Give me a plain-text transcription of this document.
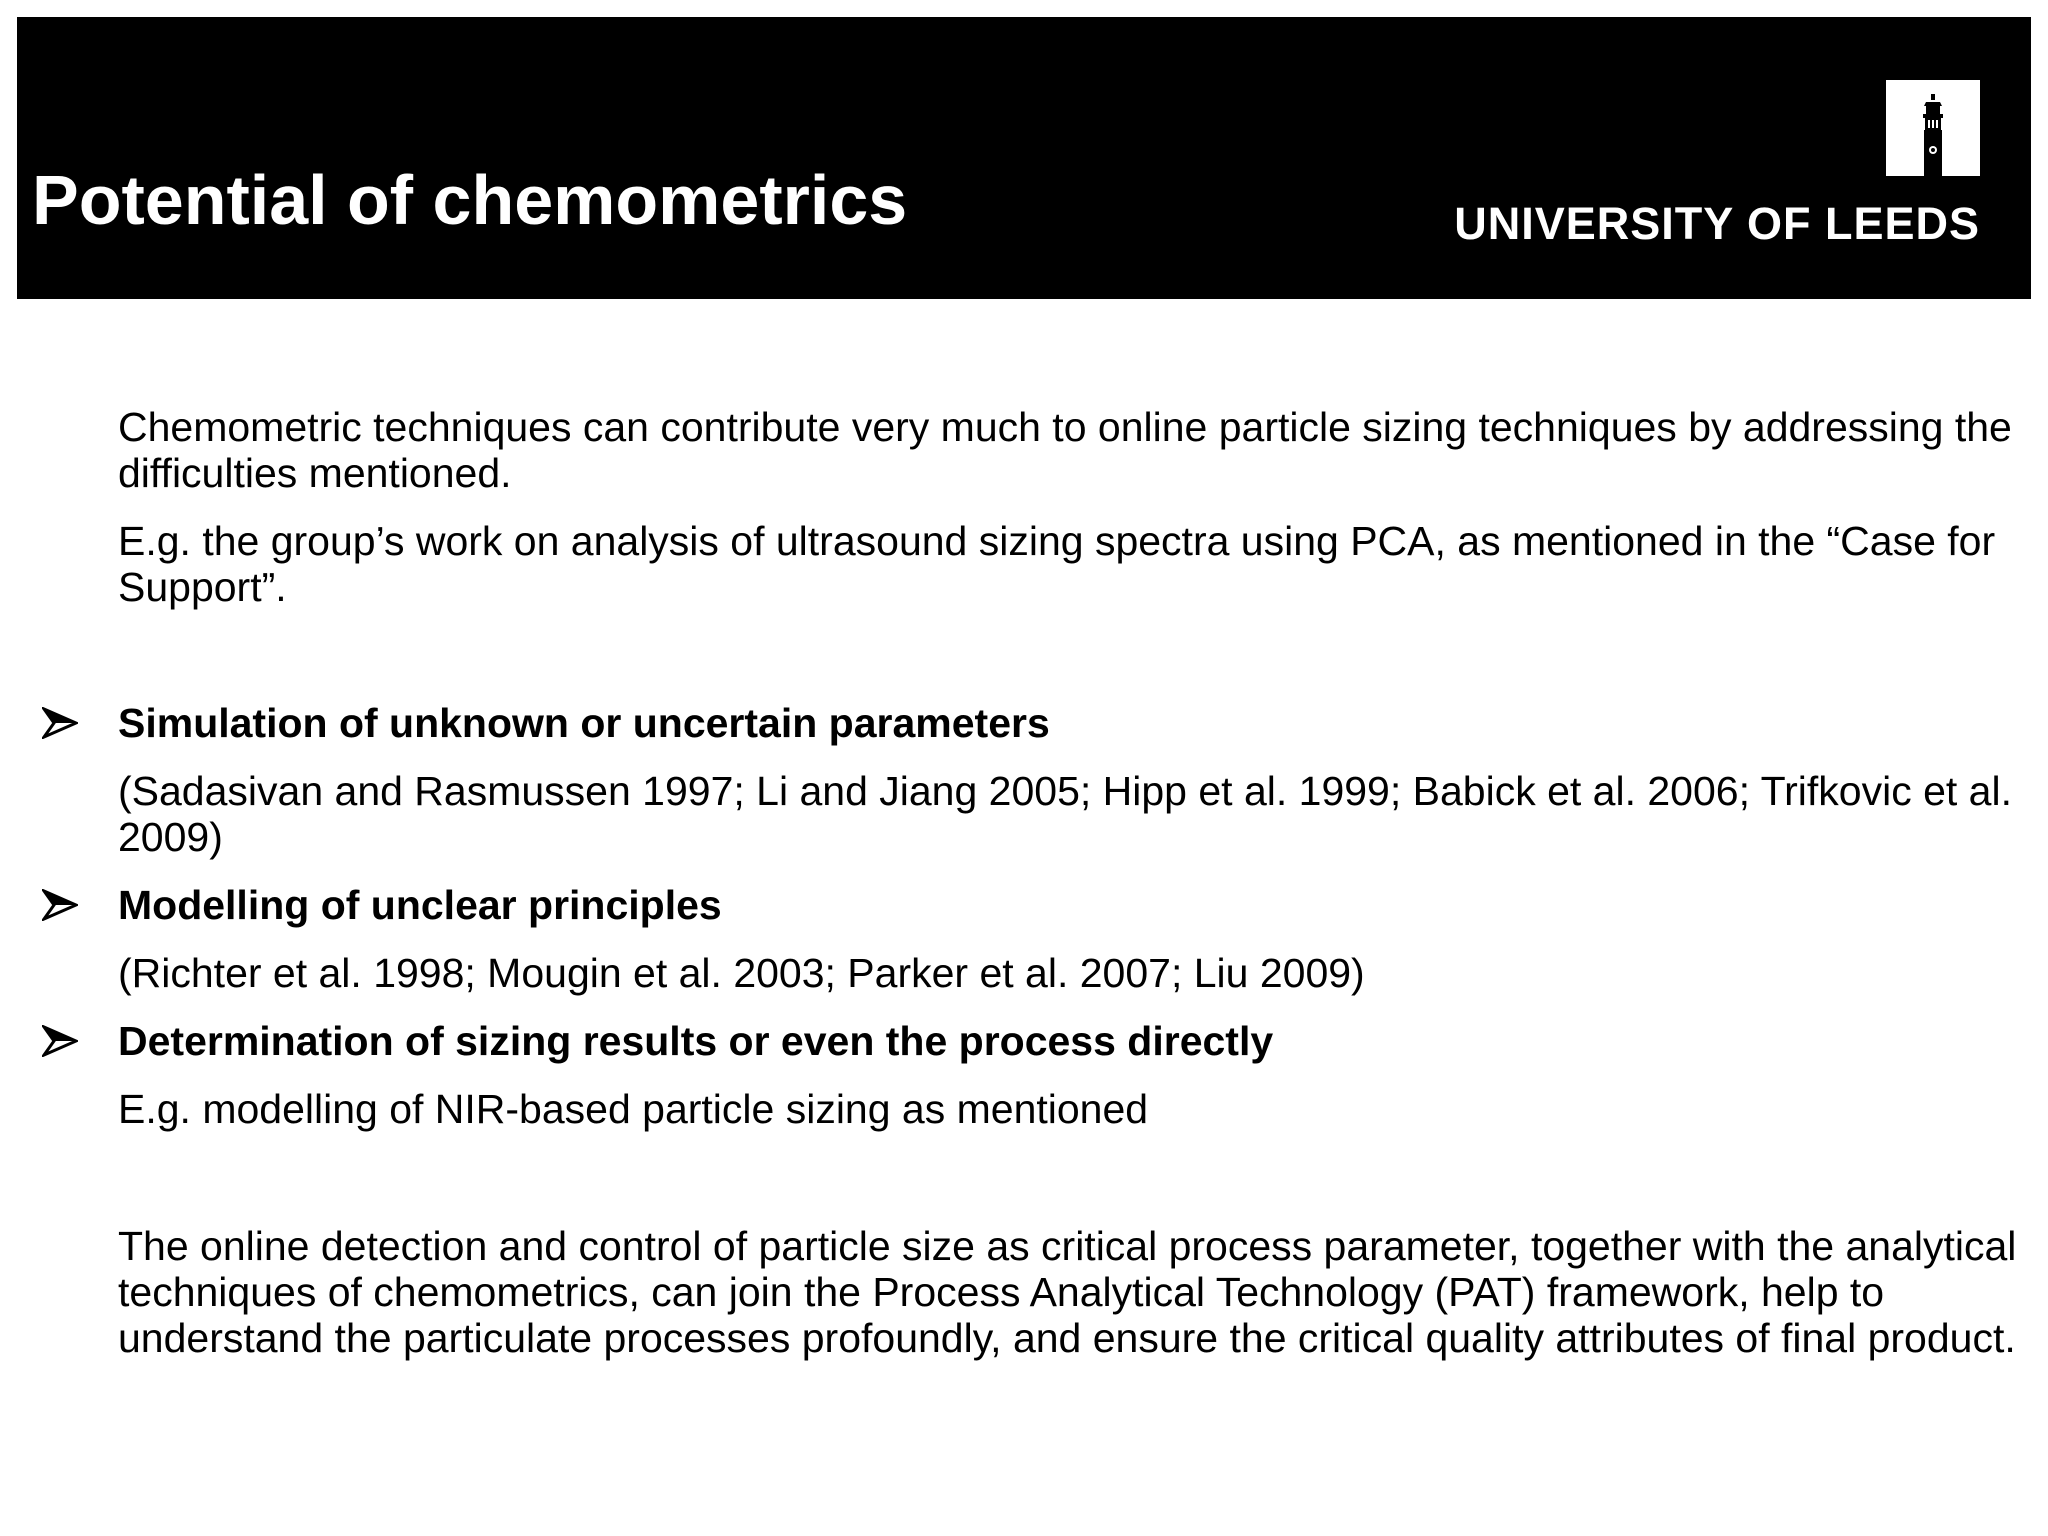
Potential of chemometrics	UNIVERSITY OF LEEDS

Chemometric techniques can contribute very much to online particle sizing techniques by addressing the difficulties mentioned.

E.g. the group’s work on analysis of ultrasound sizing spectra using PCA, as mentioned in the “Case for Support”.

Simulation of unknown or uncertain parameters

(Sadasivan and Rasmussen 1997; Li and Jiang 2005; Hipp et al. 1999; Babick et al. 2006; Trifkovic et al. 2009)

Modelling of unclear principles

(Richter et al. 1998; Mougin et al. 2003; Parker et al. 2007; Liu 2009)

Determination of sizing results or even the process directly

E.g. modelling of NIR-based particle sizing as mentioned

The online detection and control of particle size as critical process parameter, together with the analytical techniques of chemometrics, can join the Process Analytical Technology (PAT) framework, help to understand the particulate processes profoundly, and ensure the critical quality attributes of final product.
